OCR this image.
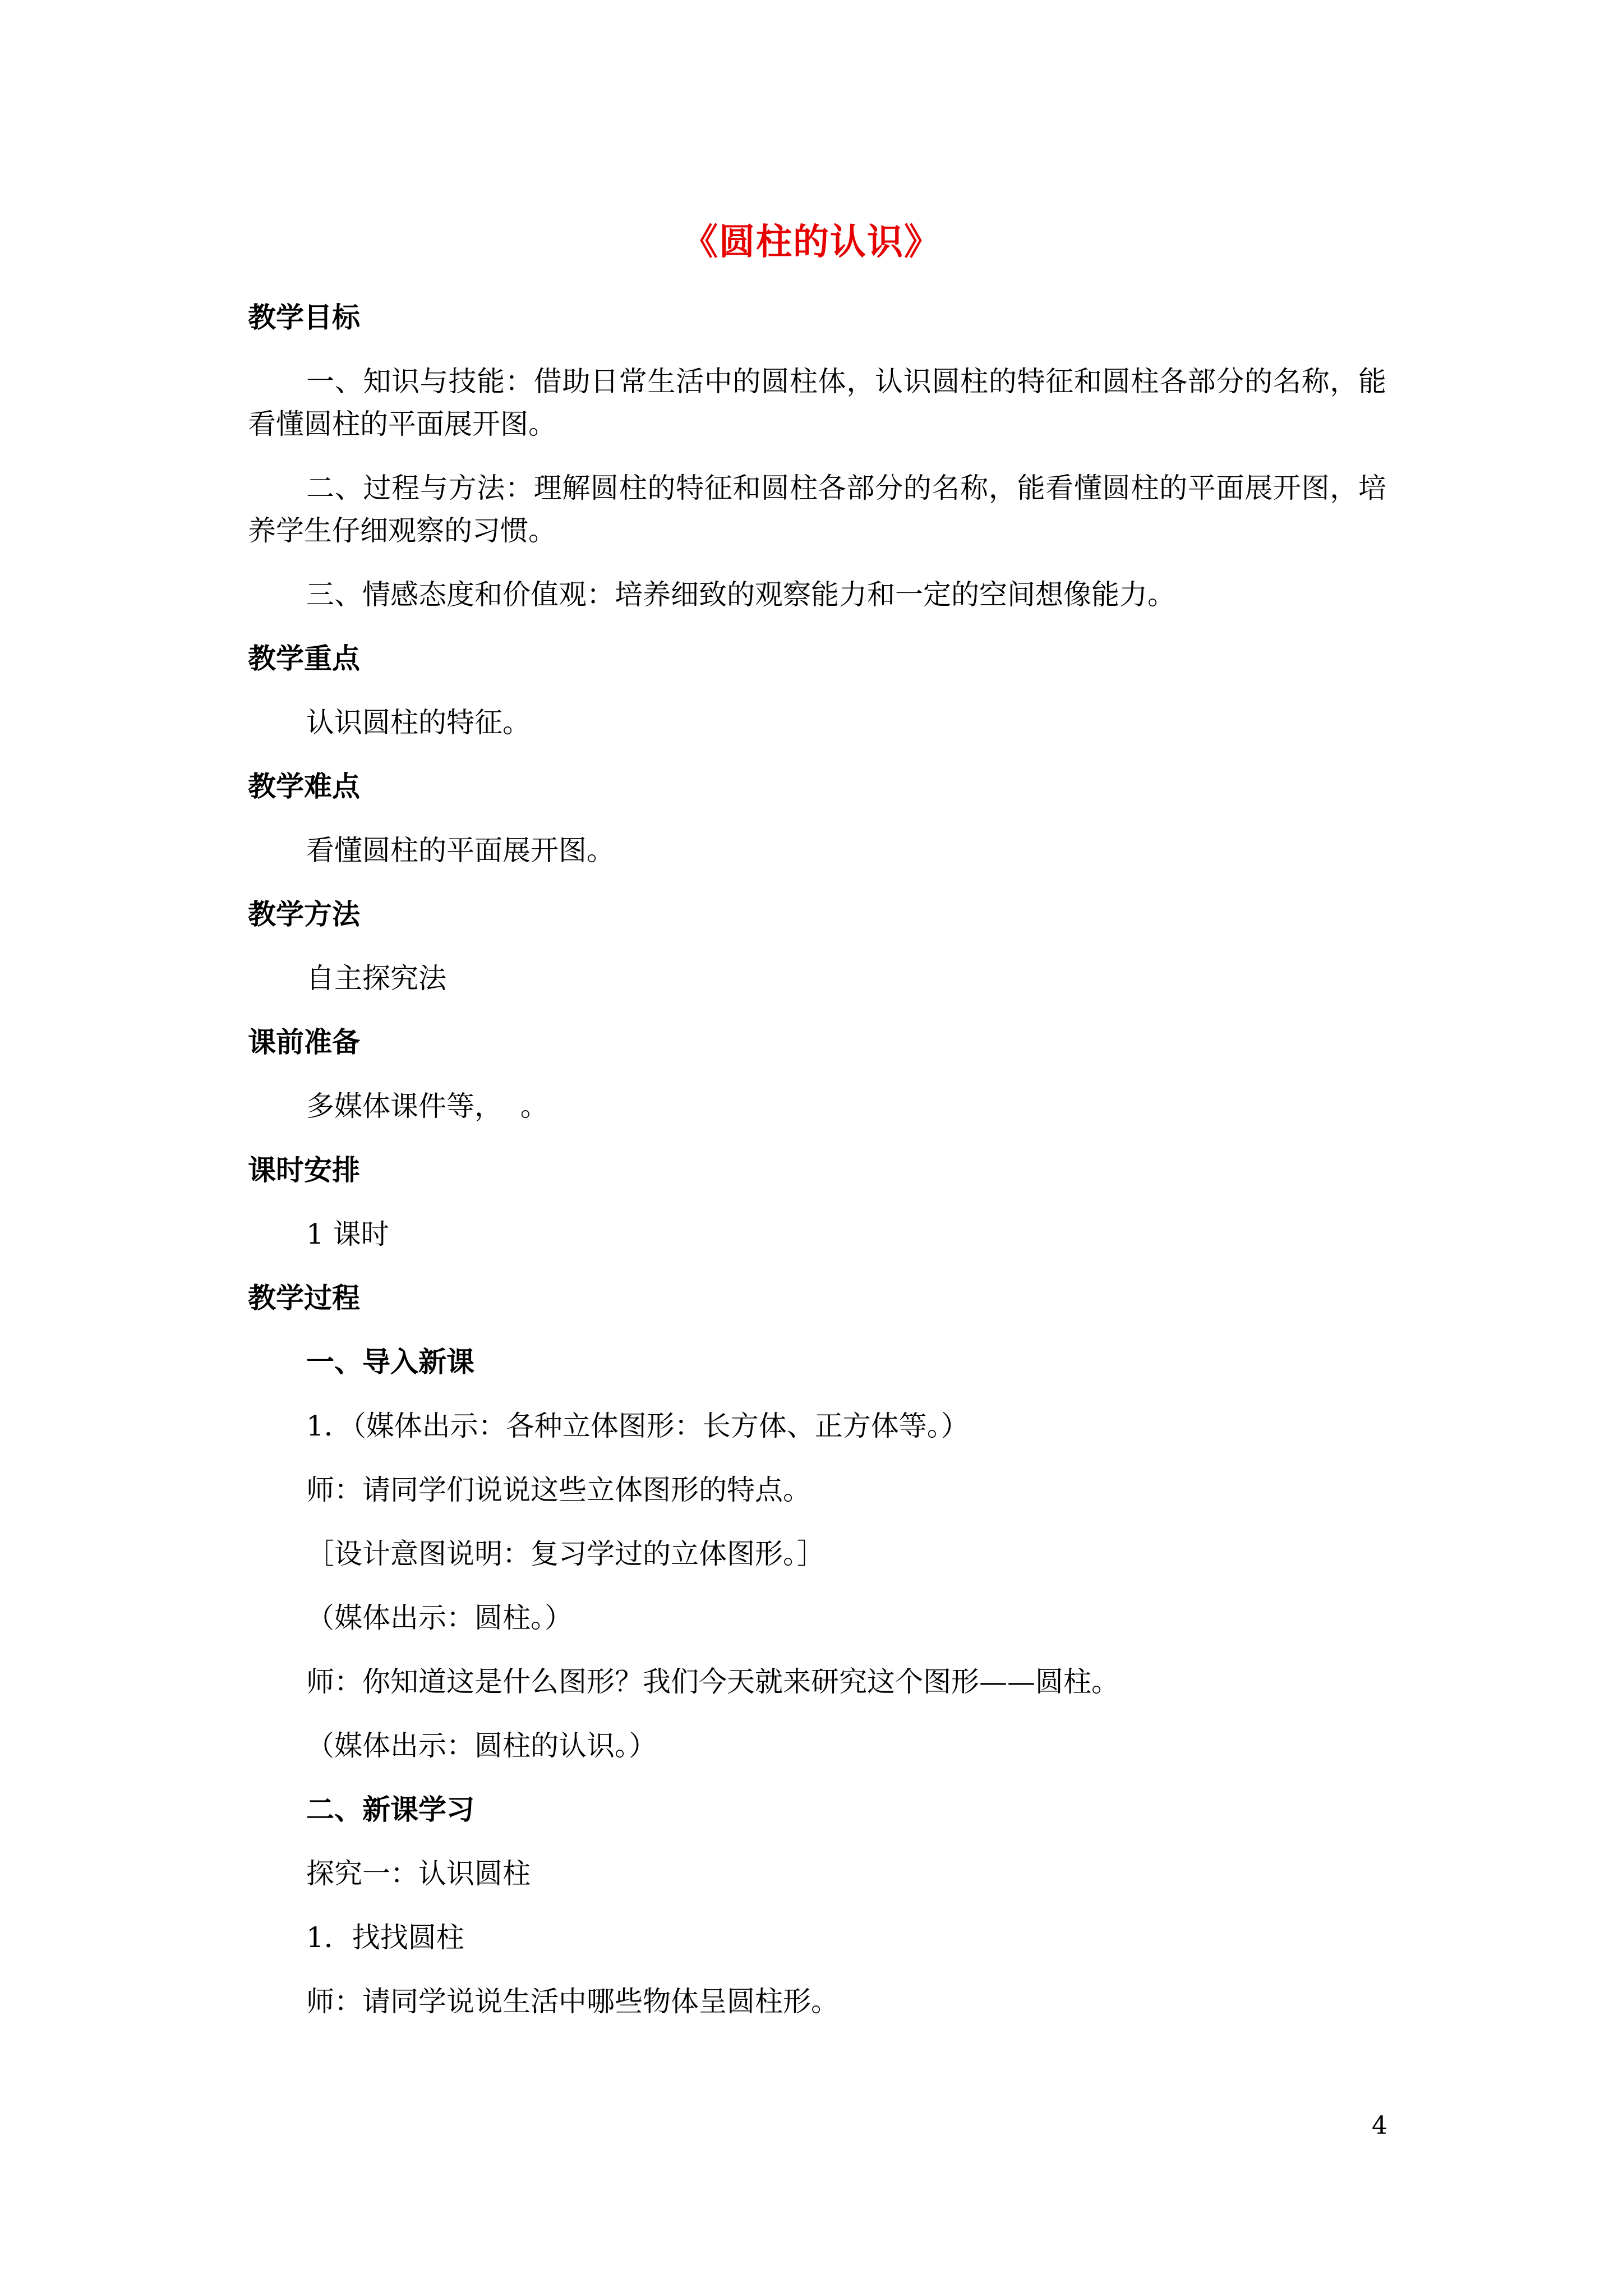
《圆柱的认识》
教学目标
一、知识与技能：借助日常生活中的圆柱体，认识圆柱的特征和圆柱各部分的名称，能看懂圆柱的平面展开图。
二、过程与方法：理解圆柱的特征和圆柱各部分的名称，能看懂圆柱的平面展开图，培养学生仔细观察的习惯。
三、情感态度和价值观：培养细致的观察能力和一定的空间想像能力。
教学重点
认识圆柱的特征。
教学难点
看懂圆柱的平面展开图。
教学方法
自主探究法
课前准备
多媒体课件等，  。
课时安排
1 课时
教学过程
一、导入新课
1．（媒体出示：各种立体图形：长方体、正方体等。）
师：请同学们说说这些立体图形的特点。
［设计意图说明：复习学过的立体图形。］
（媒体出示：圆柱。）
师：你知道这是什么图形？我们今天就来研究这个图形——圆柱。
（媒体出示：圆柱的认识。）
二、新课学习
探究一：认识圆柱
1．找找圆柱
师：请同学说说生活中哪些物体呈圆柱形。
4
